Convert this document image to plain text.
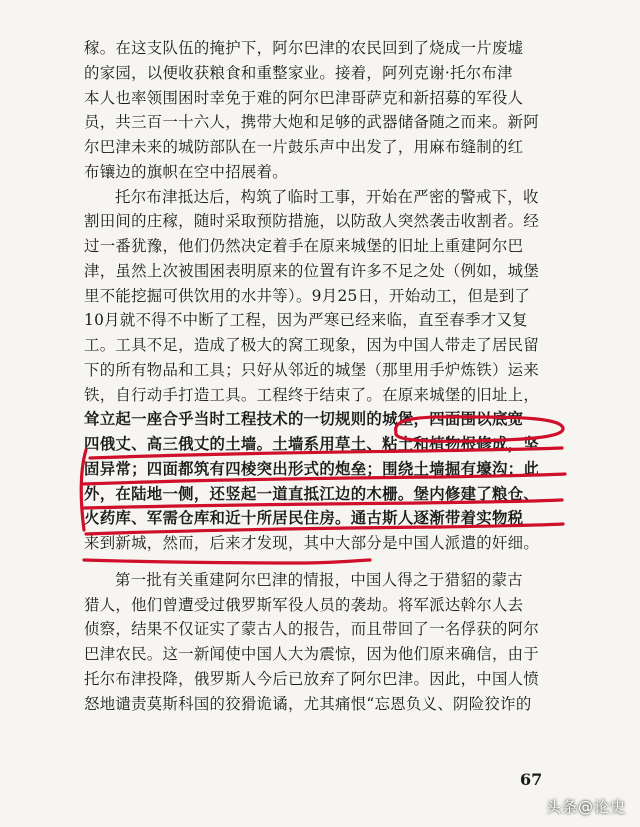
稼。在这支队伍的掩护下，阿尔巴津的农民回到了烧成一片废墟
的家园，以便收获粮食和重整家业。接着，阿列克谢·托尔布津
本人也率领围困时幸免于难的阿尔巴津哥萨克和新招募的军役人
员，共三百一十六人，携带大炮和足够的武器储备随之而来。新阿
尔巴津未来的城防部队在一片鼓乐声中出发了，用麻布缝制的红
布镶边的旗帜在空中招展着。
托尔布津抵达后，构筑了临时工事，开始在严密的警戒下，收
割田间的庄稼，随时采取预防措施，以防敌人突然袭击收割者。经
过一番犹豫，他们仍然决定着手在原来城堡的旧址上重建阿尔巴
津，虽然上次被围困表明原来的位置有许多不足之处（例如，城堡
里不能挖掘可供饮用的水井等）。9月25日，开始动工，但是到了
10月就不得不中断了工程，因为严寒已经来临，直至春季才又复
工。工具不足，造成了极大的窝工现象，因为中国人带走了居民留
下的所有物品和工具；只好从邻近的城堡（那里用手炉炼铁）运来
铁，自行动手打造工具。工程终于结束了。在原来城堡的旧址上，
耸立起一座合乎当时工程技术的一切规则的城堡，四面围以底宽
四俄丈、高三俄丈的土墙。土墙系用草土、粘土和植物根修成，坚
固异常；四面都筑有四棱突出形式的炮垒；围绕土墙掘有壕沟；此
外，在陆地一侧，还竖起一道直抵江边的木栅。堡内修建了粮仓、
火药库、军需仓库和近十所居民住房。通古斯人逐渐带着实物税
来到新城，然而，后来才发现，其中大部分是中国人派遣的奸细。
第一批有关重建阿尔巴津的情报，中国人得之于猎貂的蒙古
猎人，他们曾遭受过俄罗斯军役人员的袭劫。将军派达斡尔人去
侦察，结果不仅证实了蒙古人的报告，而且带回了一名俘获的阿尔
巴津农民。这一新闻使中国人大为震惊，因为他们原来确信，由于
托尔布津投降，俄罗斯人今后已放弃了阿尔巴津。因此，中国人愤
怒地谴责莫斯科国的狡猾诡谲，尤其痛恨“忘恩负义、阴险狡诈的
67
头条@论史
